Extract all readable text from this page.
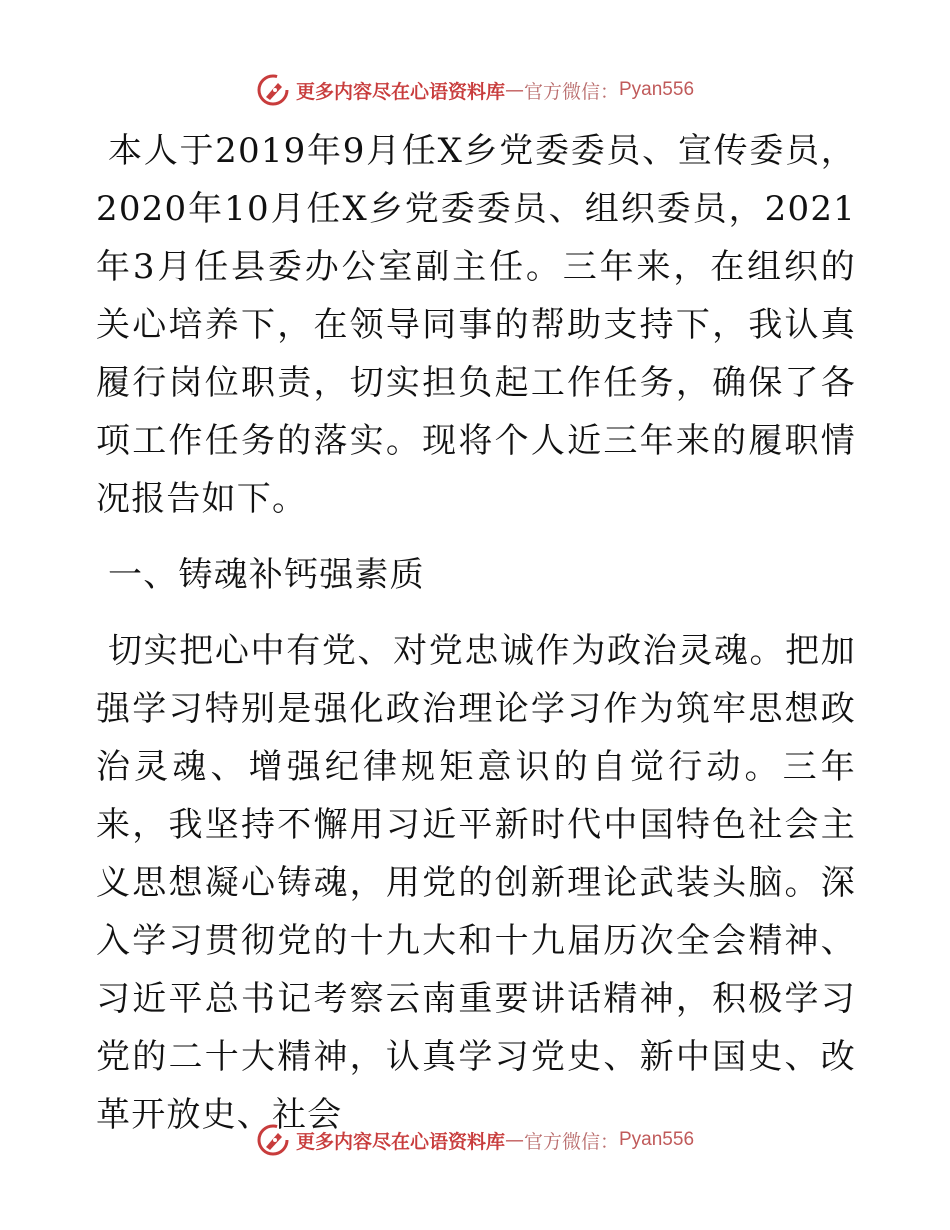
更多内容尽在心语资料库 — 官方微信： Pyan556

本人于2019年9月任X乡党委委员、宣传委员，2020年10月任X乡党委委员、组织委员，2021年3月任县委办公室副主任。三年来，在组织的关心培养下，在领导同事的帮助支持下，我认真履行岗位职责，切实担负起工作任务，确保了各项工作任务的落实。现将个人近三年来的履职情况报告如下。

一、铸魂补钙强素质

切实把心中有党、对党忠诚作为政治灵魂。把加强学习特别是强化政治理论学习作为筑牢思想政治灵魂、增强纪律规矩意识的自觉行动。三年来，我坚持不懈用习近平新时代中国特色社会主义思想凝心铸魂，用党的创新理论武装头脑。深入学习贯彻党的十九大和十九届历次全会精神、习近平总书记考察云南重要讲话精神，积极学习党的二十大精神，认真学习党史、新中国史、改革开放史、社会

更多内容尽在心语资料库 — 官方微信： Pyan556
